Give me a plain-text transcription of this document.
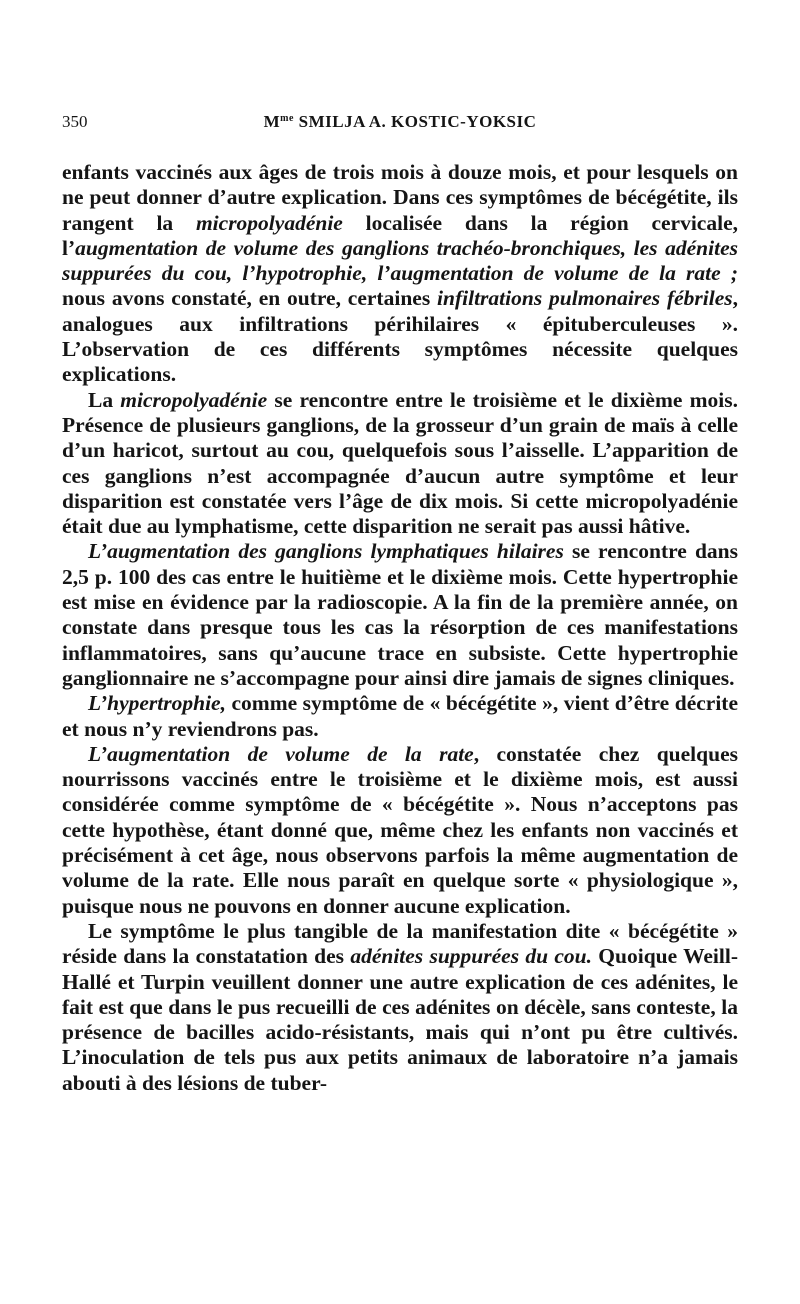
350	$M^{me}$ SMILJA A. KOSTIC-YOKSIC

enfants vaccinés aux âges de trois mois à douze mois, et pour lesquels on ne peut donner d’autre explication. Dans ces symptômes de bécégétite, ils rangent la micropolyadénie localisée dans la région cervicale, l’augmentation de volume des ganglions trachéo-bronchiques, les adénites suppurées du cou, l’hypotrophie, l’augmentation de volume de la rate ; nous avons constaté, en outre, certaines infiltrations pulmonaires fébriles, analogues aux infiltrations périhilaires « épituberculeuses ». L’observation de ces différents symptômes nécessite quelques explications.

La micropolyadénie se rencontre entre le troisième et le dixième mois. Présence de plusieurs ganglions, de la grosseur d’un grain de maïs à celle d’un haricot, surtout au cou, quelquefois sous l’aisselle. L’apparition de ces ganglions n’est accompagnée d’aucun autre symptôme et leur disparition est constatée vers l’âge de dix mois. Si cette micropolyadénie était due au lymphatisme, cette disparition ne serait pas aussi hâtive.

L’augmentation des ganglions lymphatiques hilaires se rencontre dans 2,5 p. 100 des cas entre le huitième et le dixième mois. Cette hypertrophie est mise en évidence par la radioscopie. A la fin de la première année, on constate dans presque tous les cas la résorption de ces manifestations inflammatoires, sans qu’aucune trace en subsiste. Cette hypertrophie ganglionnaire ne s’accompagne pour ainsi dire jamais de signes cliniques.

L’hypertrophie, comme symptôme de « bécégétite », vient d’être décrite et nous n’y reviendrons pas.

L’augmentation de volume de la rate, constatée chez quelques nourrissons vaccinés entre le troisième et le dixième mois, est aussi considérée comme symptôme de « bécégétite ». Nous n’acceptons pas cette hypothèse, étant donné que, même chez les enfants non vaccinés et précisément à cet âge, nous observons parfois la même augmentation de volume de la rate. Elle nous paraît en quelque sorte « physiologique », puisque nous ne pouvons en donner aucune explication.

Le symptôme le plus tangible de la manifestation dite « bécégétite » réside dans la constatation des adénites suppurées du cou. Quoique Weill-Hallé et Turpin veuillent donner une autre explication de ces adénites, le fait est que dans le pus recueilli de ces adénites on décèle, sans conteste, la présence de bacilles acido-résistants, mais qui n’ont pu être cultivés. L’inoculation de tels pus aux petits animaux de laboratoire n’a jamais abouti à des lésions de tuber-
